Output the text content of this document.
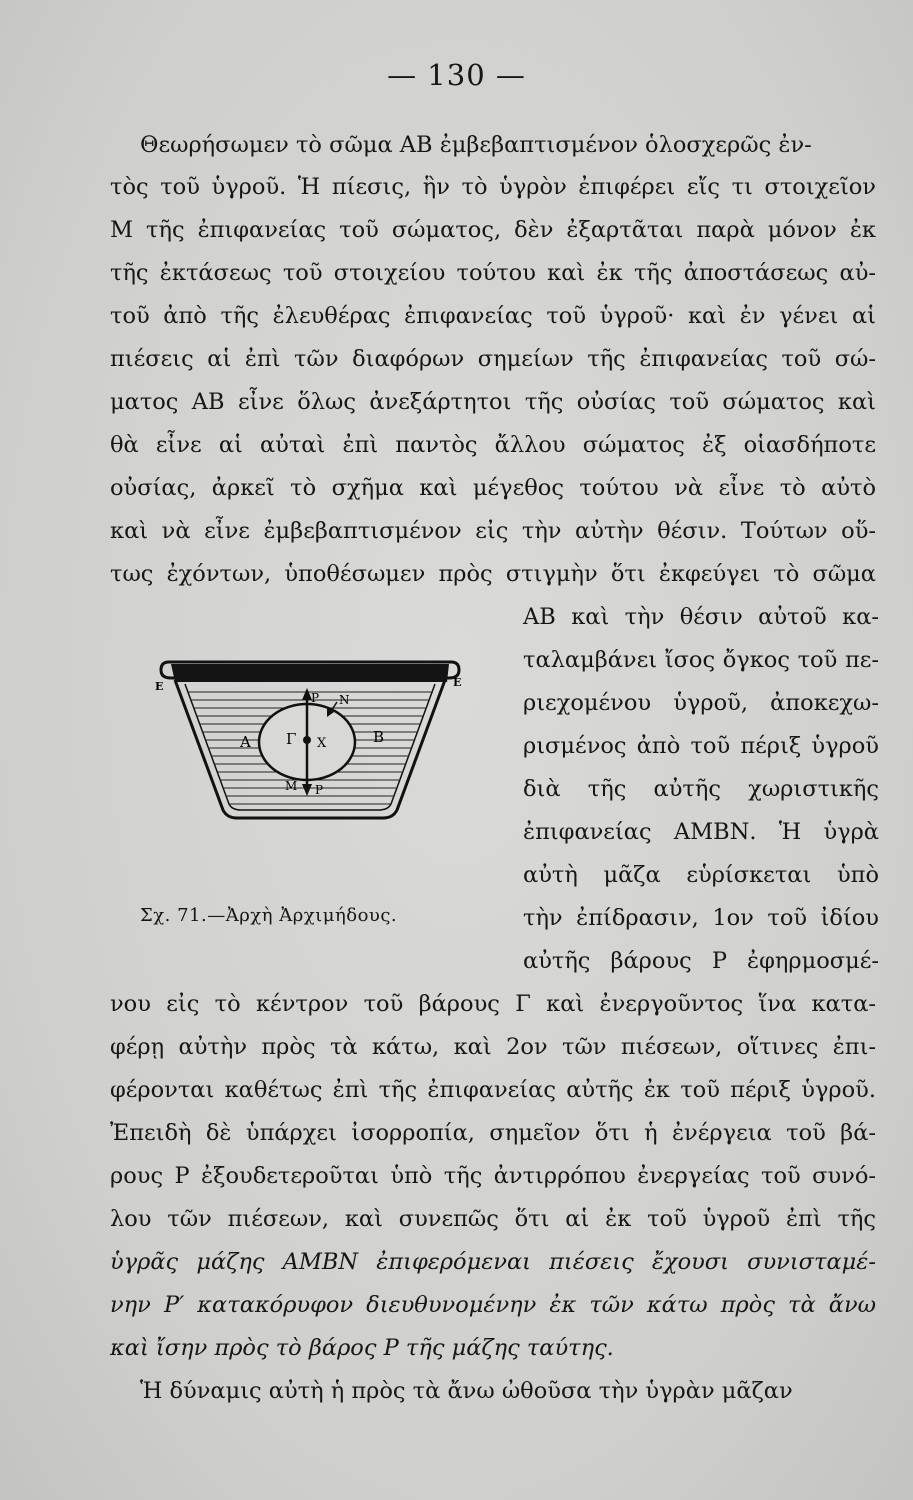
— 130 —
Θεωρήσωμεν τὸ σῶμα ΑΒ ἐμβεβαπτισμένον ὁλοσχερῶς ἐν-
τὸς τοῦ ὑγροῦ. Ἡ πίεσις, ἣν τὸ ὑγρὸν ἐπιφέρει εἴς τι στοιχεῖον
Μ τῆς ἐπιφανείας τοῦ σώματος, δὲν ἐξαρτᾶται παρὰ μόνον ἐκ
τῆς ἐκτάσεως τοῦ στοιχείου τούτου καὶ ἐκ τῆς ἀποστάσεως αὐ-
τοῦ ἀπὸ τῆς ἐλευθέρας ἐπιφανείας τοῦ ὑγροῦ· καὶ ἐν γένει αἱ
πιέσεις αἱ ἐπὶ τῶν διαφόρων σημείων τῆς ἐπιφανείας τοῦ σώ-
ματος ΑΒ εἶνε ὅλως ἀνεξάρτητοι τῆς οὐσίας τοῦ σώματος καὶ
θὰ εἶνε αἱ αὐταὶ ἐπὶ παντὸς ἄλλου σώματος ἐξ οἱασδήποτε
οὐσίας, ἀρκεῖ τὸ σχῆμα καὶ μέγεθος τούτου νὰ εἶνε τὸ αὐτὸ
καὶ νὰ εἶνε ἐμβεβαπτισμένον εἰς τὴν αὐτὴν θέσιν. Τούτων οὕ-
τως ἐχόντων, ὑποθέσωμεν πρὸς στιγμὴν ὅτι ἐκφεύγει τὸ σῶμα
ΑΒ καὶ τὴν θέσιν αὐτοῦ κα-
ταλαμβάνει ἴσος ὄγκος τοῦ πε-
ριεχομένου ὑγροῦ, ἀποκεχω-
ρισμένος ἀπὸ τοῦ πέριξ ὑγροῦ
διὰ τῆς αὐτῆς χωριστικῆς
ἐπιφανείας ΑΜΒΝ. Ἡ ὑγρὰ
αὐτὴ μᾶζα εὑρίσκεται ὑπὸ
τὴν ἐπίδρασιν, 1ον τοῦ ἰδίου
αὐτῆς βάρους Ρ ἐφηρμοσμέ-
νου εἰς τὸ κέντρον τοῦ βάρους Γ καὶ ἐνεργοῦντος ἵνα κατα-
φέρῃ αὐτὴν πρὸς τὰ κάτω, καὶ 2ον τῶν πιέσεων, οἵτινες ἐπι-
φέρονται καθέτως ἐπὶ τῆς ἐπιφανείας αὐτῆς ἐκ τοῦ πέριξ ὑγροῦ.
Ἐπειδὴ δὲ ὑπάρχει ἰσορροπία, σημεῖον ὅτι ἡ ἐνέργεια τοῦ βά-
ρους Ρ ἐξουδετεροῦται ὑπὸ τῆς ἀντιρρόπου ἐνεργείας τοῦ συνό-
λου τῶν πιέσεων, καὶ συνεπῶς ὅτι αἱ ἐκ τοῦ ὑγροῦ ἐπὶ τῆς
ὑγρᾶς μάζης ΑΜΒΝ ἐπιφερόμεναι πιέσεις ἔχουσι συνισταμέ-
νην Ρ′ κατακόρυφον διευθυνομένην ἐκ τῶν κάτω πρὸς τὰ ἄνω
καὶ ἴσην πρὸς τὸ βάρος Ρ τῆς μάζης ταύτης.
Ἡ δύναμις αὐτὴ ἡ πρὸς τὰ ἄνω ὠθοῦσα τὴν ὑγρὰν μᾶζαν
Ε	Ε
Α	Β
Γ Χ
Ρ Ν
Μ Ρ
Σχ. 71.—Ἀρχὴ Ἀρχιμήδους.
